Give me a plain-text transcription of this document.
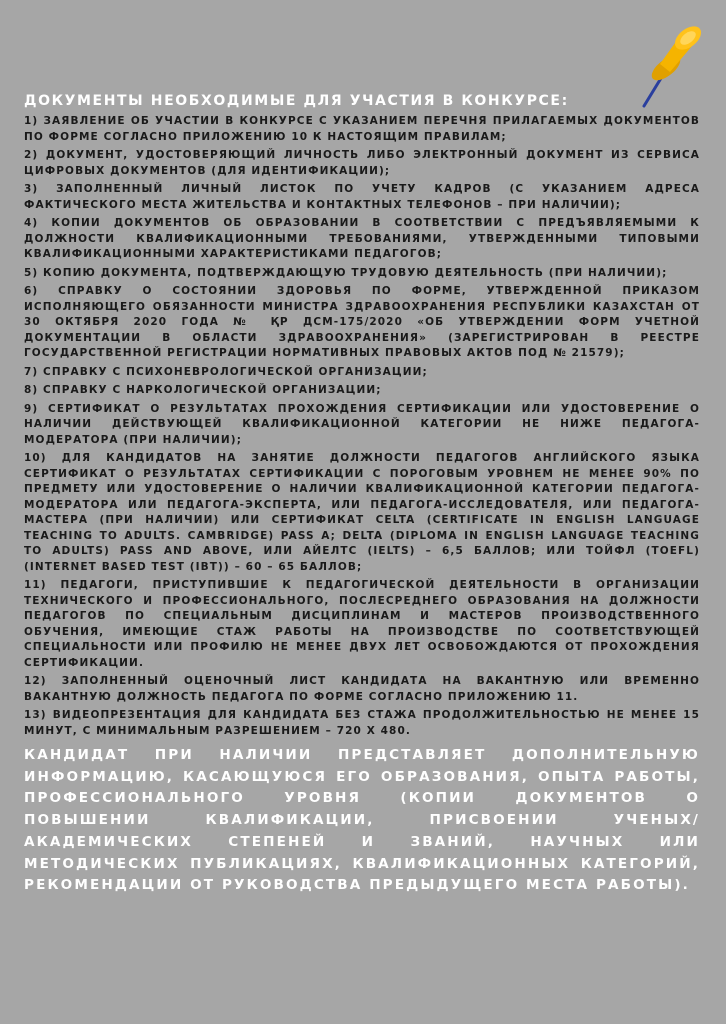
ДОКУМЕНТЫ НЕОБХОДИМЫЕ ДЛЯ УЧАСТИЯ В КОНКУРСЕ:
1) ЗАЯВЛЕНИЕ ОБ УЧАСТИИ В КОНКУРСЕ С УКАЗАНИЕМ ПЕРЕЧНЯ ПРИЛАГАЕМЫХ ДОКУМЕНТОВ ПО ФОРМЕ СОГЛАСНО ПРИЛОЖЕНИЮ 10 К НАСТОЯЩИМ ПРАВИЛАМ;
2) ДОКУМЕНТ, УДОСТОВЕРЯЮЩИЙ ЛИЧНОСТЬ ЛИБО ЭЛЕКТРОННЫЙ ДОКУМЕНТ ИЗ СЕРВИСА ЦИФРОВЫХ ДОКУМЕНТОВ (ДЛЯ ИДЕНТИФИКАЦИИ);
3) ЗАПОЛНЕННЫЙ ЛИЧНЫЙ ЛИСТОК ПО УЧЕТУ КАДРОВ (С УКАЗАНИЕМ АДРЕСА ФАКТИЧЕСКОГО МЕСТА ЖИТЕЛЬСТВА И КОНТАКТНЫХ ТЕЛЕФОНОВ – ПРИ НАЛИЧИИ);
4) КОПИИ ДОКУМЕНТОВ ОБ ОБРАЗОВАНИИ В СООТВЕТСТВИИ С ПРЕДЪЯВЛЯЕМЫМИ К ДОЛЖНОСТИ КВАЛИФИКАЦИОННЫМИ ТРЕБОВАНИЯМИ, УТВЕРЖДЕННЫМИ ТИПОВЫМИ КВАЛИФИКАЦИОННЫМИ ХАРАКТЕРИСТИКАМИ ПЕДАГОГОВ;
5) КОПИЮ ДОКУМЕНТА, ПОДТВЕРЖДАЮЩУЮ ТРУДОВУЮ ДЕЯТЕЛЬНОСТЬ (ПРИ НАЛИЧИИ);
6) СПРАВКУ О СОСТОЯНИИ ЗДОРОВЬЯ ПО ФОРМЕ, УТВЕРЖДЕННОЙ ПРИКАЗОМ ИСПОЛНЯЮЩЕГО ОБЯЗАННОСТИ МИНИСТРА ЗДРАВООХРАНЕНИЯ РЕСПУБЛИКИ КАЗАХСТАН ОТ 30 ОКТЯБРЯ 2020 ГОДА № ҚР ДСМ-175/2020 «ОБ УТВЕРЖДЕНИИ ФОРМ УЧЕТНОЙ ДОКУМЕНТАЦИИ В ОБЛАСТИ ЗДРАВООХРАНЕНИЯ» (ЗАРЕГИСТРИРОВАН В РЕЕСТРЕ ГОСУДАРСТВЕННОЙ РЕГИСТРАЦИИ НОРМАТИВНЫХ ПРАВОВЫХ АКТОВ ПОД № 21579);
7) СПРАВКУ С ПСИХОНЕВРОЛОГИЧЕСКОЙ ОРГАНИЗАЦИИ;
8) СПРАВКУ С НАРКОЛОГИЧЕСКОЙ ОРГАНИЗАЦИИ;
9) СЕРТИФИКАТ О РЕЗУЛЬТАТАХ ПРОХОЖДЕНИЯ СЕРТИФИКАЦИИ ИЛИ УДОСТОВЕРЕНИЕ О НАЛИЧИИ ДЕЙСТВУЮЩЕЙ КВАЛИФИКАЦИОННОЙ КАТЕГОРИИ НЕ НИЖЕ ПЕДАГОГА-МОДЕРАТОРА (ПРИ НАЛИЧИИ);
10) ДЛЯ КАНДИДАТОВ НА ЗАНЯТИЕ ДОЛЖНОСТИ ПЕДАГОГОВ АНГЛИЙСКОГО ЯЗЫКА СЕРТИФИКАТ О РЕЗУЛЬТАТАХ СЕРТИФИКАЦИИ С ПОРОГОВЫМ УРОВНЕМ НЕ МЕНЕЕ 90% ПО ПРЕДМЕТУ ИЛИ УДОСТОВЕРЕНИЕ О НАЛИЧИИ КВАЛИФИКАЦИОННОЙ КАТЕГОРИИ ПЕДАГОГА-МОДЕРАТОРА ИЛИ ПЕДАГОГА-ЭКСПЕРТА, ИЛИ ПЕДАГОГА-ИССЛЕДОВАТЕЛЯ, ИЛИ ПЕДАГОГА-МАСТЕРА (ПРИ НАЛИЧИИ) ИЛИ СЕРТИФИКАТ CELTA (CERTIFICATE IN ENGLISH LANGUAGE TEACHING TO ADULTS. CAMBRIDGE) PASS A; DELTA (DIPLOMA IN ENGLISH LANGUAGE TEACHING TO ADULTS) PASS AND ABOVE, ИЛИ АЙЕЛТС (IELTS) – 6,5 БАЛЛОВ; ИЛИ ТОЙФЛ (TOEFL) (INTERNET BASED TEST (IBT)) – 60 – 65 БАЛЛОВ;
11) ПЕДАГОГИ, ПРИСТУПИВШИЕ К ПЕДАГОГИЧЕСКОЙ ДЕЯТЕЛЬНОСТИ В ОРГАНИЗАЦИИ ТЕХНИЧЕСКОГО И ПРОФЕССИОНАЛЬНОГО, ПОСЛЕСРЕДНЕГО ОБРАЗОВАНИЯ НА ДОЛЖНОСТИ ПЕДАГОГОВ ПО СПЕЦИАЛЬНЫМ ДИСЦИПЛИНАМ И МАСТЕРОВ ПРОИЗВОДСТВЕННОГО ОБУЧЕНИЯ, ИМЕЮЩИЕ СТАЖ РАБОТЫ НА ПРОИЗВОДСТВЕ ПО СООТВЕТСТВУЮЩЕЙ СПЕЦИАЛЬНОСТИ ИЛИ ПРОФИЛЮ НЕ МЕНЕЕ ДВУХ ЛЕТ ОСВОБОЖДАЮТСЯ ОТ ПРОХОЖДЕНИЯ СЕРТИФИКАЦИИ.
12) ЗАПОЛНЕННЫЙ ОЦЕНОЧНЫЙ ЛИСТ КАНДИДАТА НА ВАКАНТНУЮ ИЛИ ВРЕМЕННО ВАКАНТНУЮ ДОЛЖНОСТЬ ПЕДАГОГА ПО ФОРМЕ СОГЛАСНО ПРИЛОЖЕНИЮ 11.
13) ВИДЕОПРЕЗЕНТАЦИЯ ДЛЯ КАНДИДАТА БЕЗ СТАЖА ПРОДОЛЖИТЕЛЬНОСТЬЮ НЕ МЕНЕЕ 15 МИНУТ, С МИНИМАЛЬНЫМ РАЗРЕШЕНИЕМ – 720 X 480.
КАНДИДАТ ПРИ НАЛИЧИИ ПРЕДСТАВЛЯЕТ ДОПОЛНИТЕЛЬНУЮ ИНФОРМАЦИЮ, КАСАЮЩУЮСЯ ЕГО ОБРАЗОВАНИЯ, ОПЫТА РАБОТЫ, ПРОФЕССИОНАЛЬНОГО УРОВНЯ (КОПИИ ДОКУМЕНТОВ О ПОВЫШЕНИИ КВАЛИФИКАЦИИ, ПРИСВОЕНИИ УЧЕНЫХ/АКАДЕМИЧЕСКИХ СТЕПЕНЕЙ И ЗВАНИЙ, НАУЧНЫХ ИЛИ МЕТОДИЧЕСКИХ ПУБЛИКАЦИЯХ, КВАЛИФИКАЦИОННЫХ КАТЕГОРИЙ, РЕКОМЕНДАЦИИ ОТ РУКОВОДСТВА ПРЕДЫДУЩЕГО МЕСТА РАБОТЫ).
